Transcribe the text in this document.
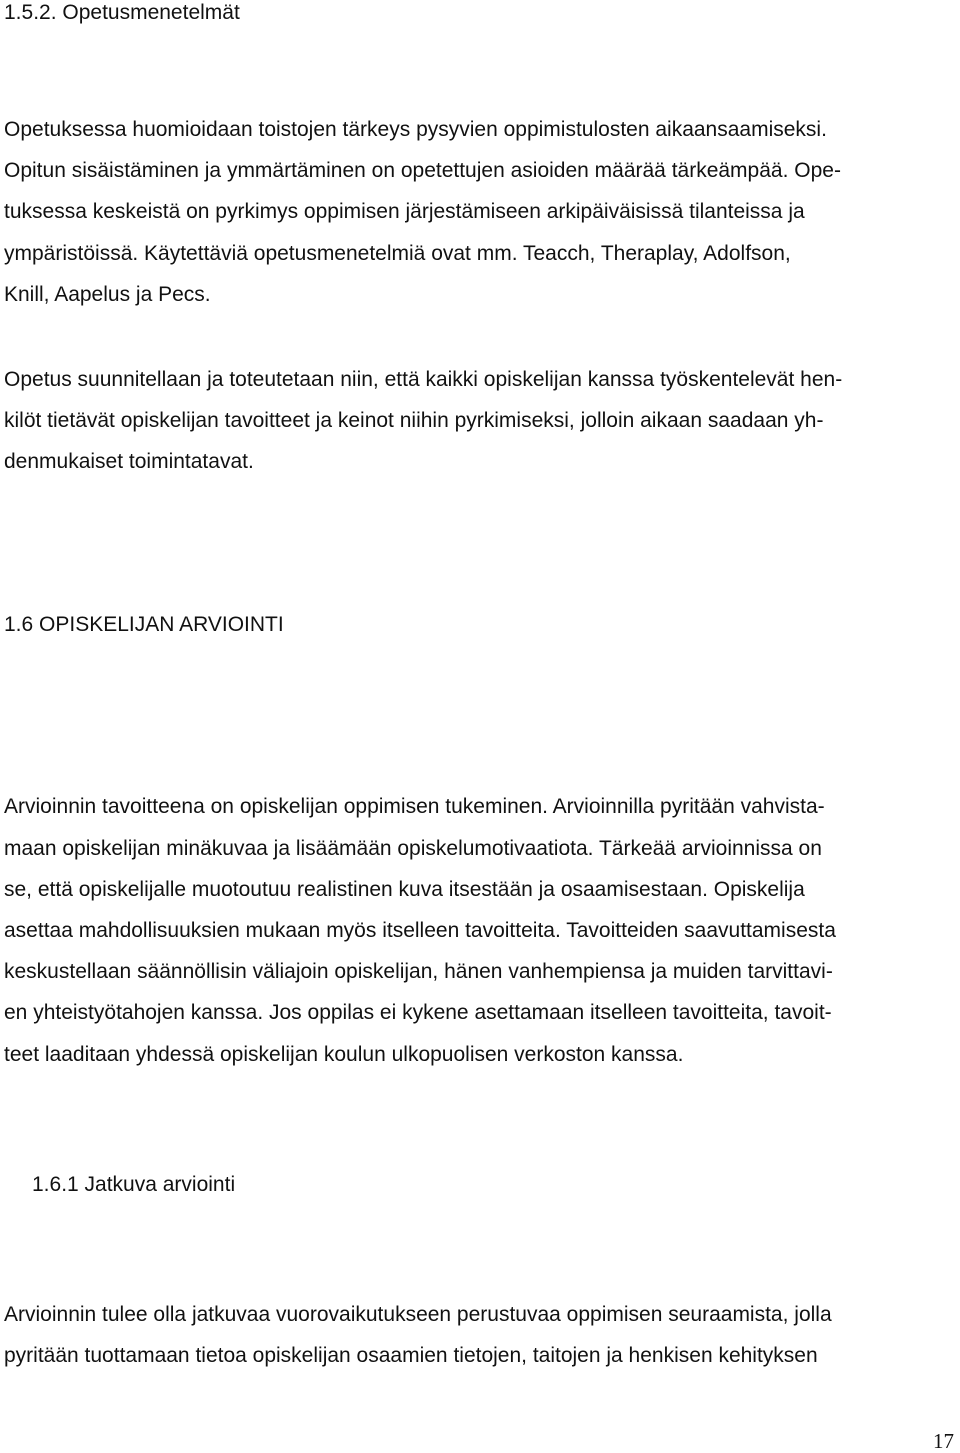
1.5.2. Opetusmenetelmät

Opetuksessa huomioidaan toistojen tärkeys pysyvien oppimistulosten aikaansaamiseksi.

Opitun sisäistäminen ja ymmärtäminen on opetettujen asioiden määrää tärkeämpää. Ope-

tuksessa keskeistä on pyrkimys oppimisen järjestämiseen arkipäiväisissä tilanteissa ja

ympäristöissä. Käytettäviä opetusmenetelmiä ovat mm. Teacch, Theraplay, Adolfson,

Knill, Aapelus ja Pecs.

Opetus suunnitellaan ja toteutetaan niin, että kaikki opiskelijan kanssa työskentelevät hen-

kilöt tietävät opiskelijan tavoitteet ja keinot niihin pyrkimiseksi, jolloin aikaan saadaan yh-

denmukaiset toimintatavat.

1.6 OPISKELIJAN ARVIOINTI

Arvioinnin tavoitteena on opiskelijan oppimisen tukeminen. Arvioinnilla pyritään vahvista-

maan opiskelijan minäkuvaa ja lisäämään opiskelumotivaatiota. Tärkeää arvioinnissa on

se, että opiskelijalle muotoutuu realistinen kuva itsestään ja osaamisestaan. Opiskelija

asettaa mahdollisuuksien mukaan myös itselleen tavoitteita. Tavoitteiden saavuttamisesta

keskustellaan säännöllisin väliajoin opiskelijan, hänen vanhempiensa ja muiden tarvittavi-

en yhteistyötahojen kanssa. Jos oppilas ei kykene asettamaan itselleen tavoitteita, tavoit-

teet laaditaan yhdessä opiskelijan koulun ulkopuolisen verkoston kanssa.

1.6.1 Jatkuva arviointi

Arvioinnin tulee olla jatkuvaa vuorovaikutukseen perustuvaa oppimisen seuraamista, jolla

pyritään tuottamaan tietoa opiskelijan osaamien tietojen, taitojen ja henkisen kehityksen

17
